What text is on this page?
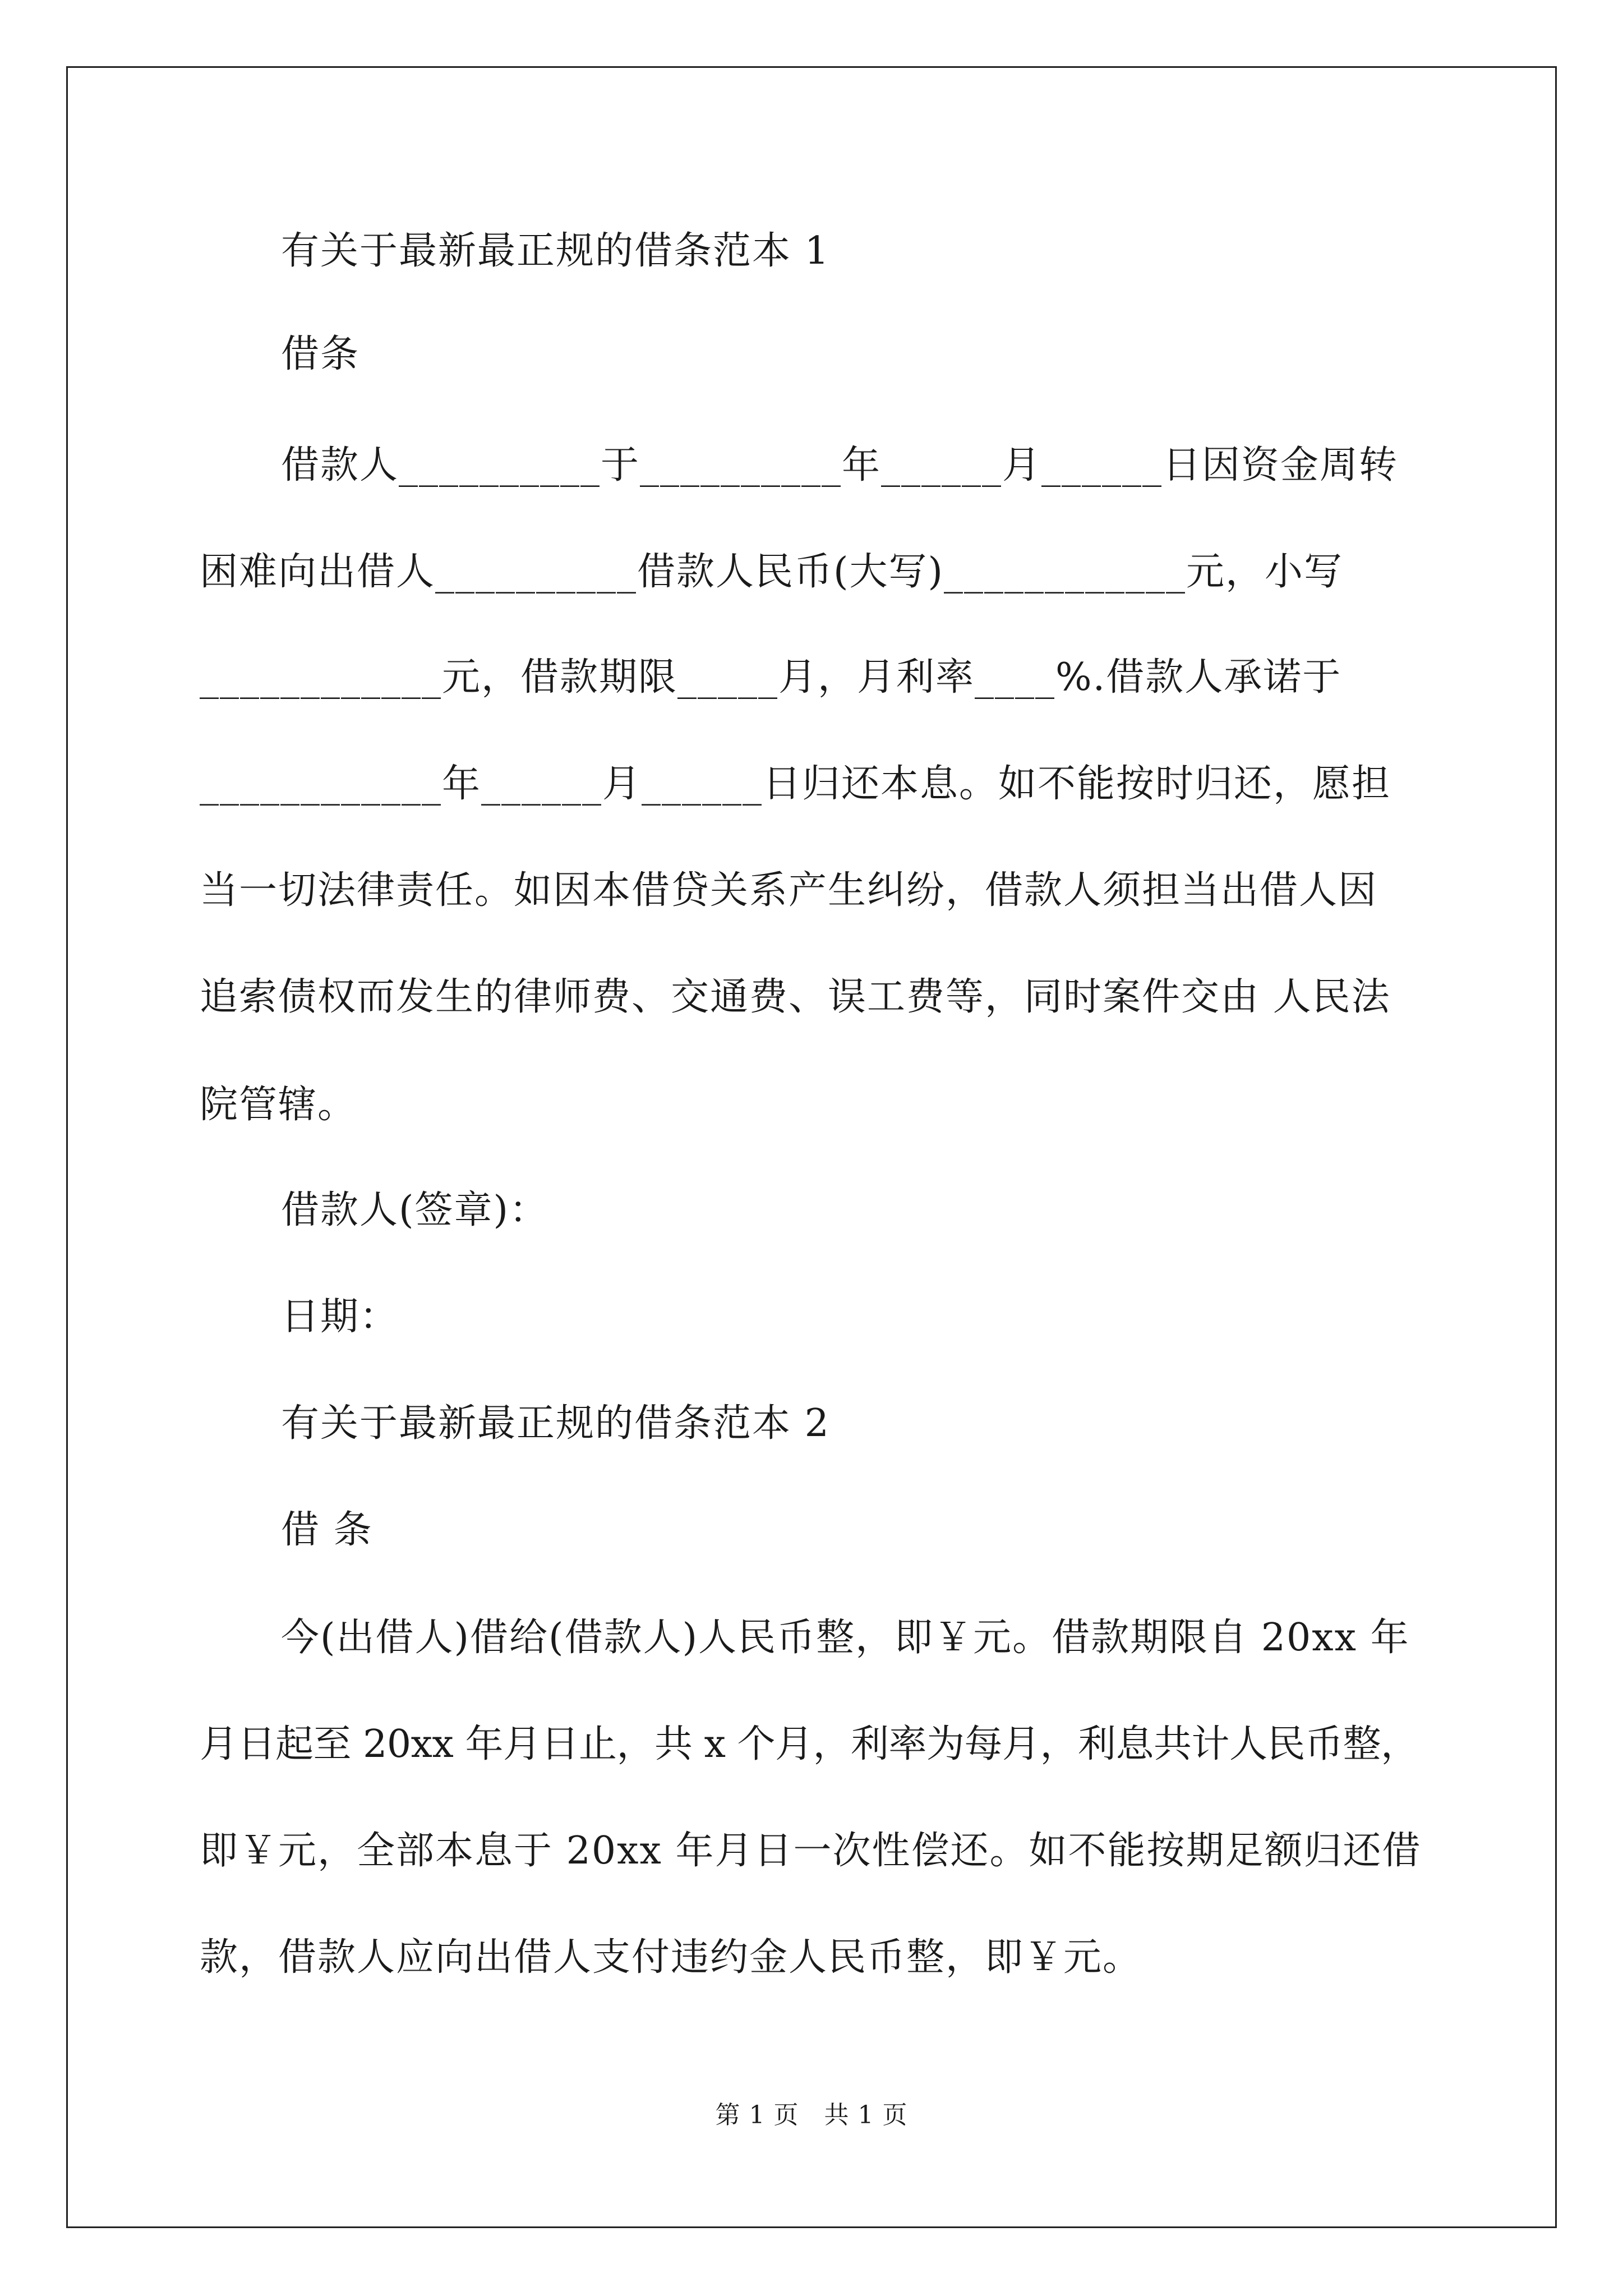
有关于最新最正规的借条范本 1
借条
借款人__________于__________年______月______日因资金周转
困难向出借人__________借款人民币(大写)____________元，小写
____________元，借款期限_____月，月利率____%.借款人承诺于
____________年______月______日归还本息。如不能按时归还，愿担
当一切法律责任。如因本借贷关系产生纠纷，借款人须担当出借人因
追索债权而发生的律师费、交通费、误工费等，同时案件交由 人民法
院管辖。
借款人(签章)：
日期：
有关于最新最正规的借条范本 2
借 条
今(出借人)借给(借款人)人民币整，即￥元。借款期限自 20xx 年
月日起至 20xx 年月日止，共 x 个月，利率为每月，利息共计人民币整，
即￥元，全部本息于 20xx 年月日一次性偿还。如不能按期足额归还借
款，借款人应向出借人支付违约金人民币整，即￥元。
第 1 页   共 1 页
